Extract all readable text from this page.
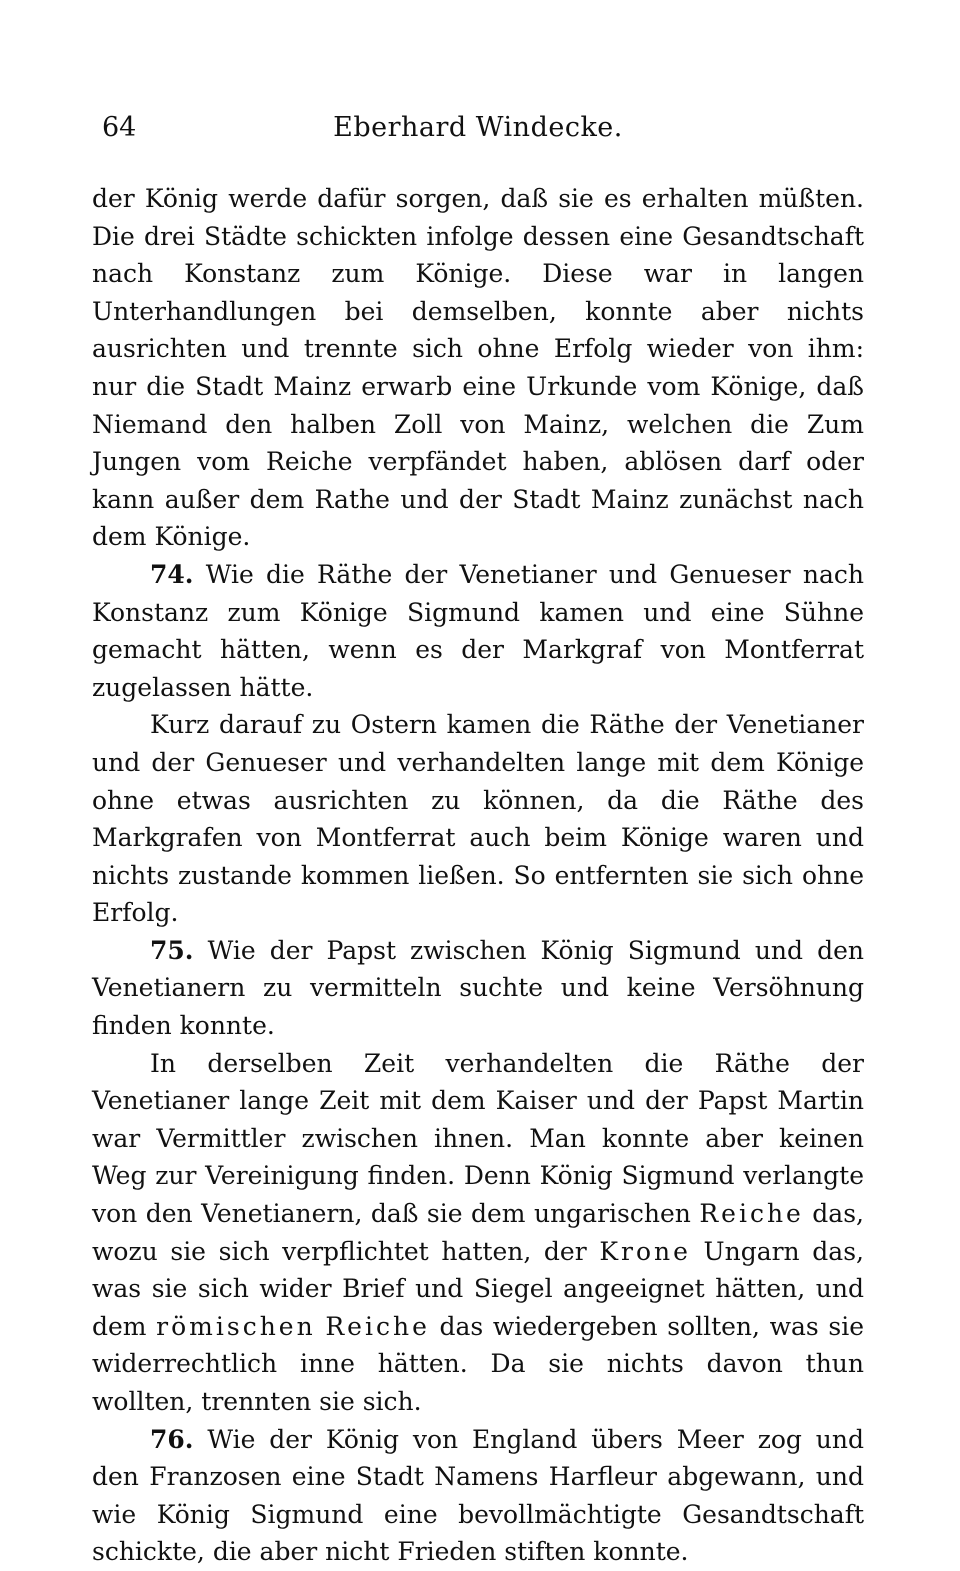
64	Eberhard Windecke.

der König werde dafür sorgen, daß sie es erhalten müßten. Die drei Städte schickten infolge dessen eine Gesandtschaft nach Konstanz zum Könige. Diese war in langen Unterhandlungen bei demselben, konnte aber nichts ausrichten und trennte sich ohne Erfolg wieder von ihm: nur die Stadt Mainz erwarb eine Urkunde vom Könige, daß Niemand den halben Zoll von Mainz, welchen die Zum Jungen vom Reiche verpfändet haben, ablösen darf oder kann außer dem Rathe und der Stadt Mainz zunächst nach dem Könige.

74. Wie die Räthe der Venetianer und Genueser nach Konstanz zum Könige Sigmund kamen und eine Sühne gemacht hätten, wenn es der Markgraf von Montferrat zugelassen hätte.

Kurz darauf zu Ostern kamen die Räthe der Venetianer und der Genueser und verhandelten lange mit dem Könige ohne etwas ausrichten zu können, da die Räthe des Markgrafen von Montferrat auch beim Könige waren und nichts zustande kommen ließen. So entfernten sie sich ohne Erfolg.

75. Wie der Papst zwischen König Sigmund und den Venetianern zu vermitteln suchte und keine Versöhnung finden konnte.

In derselben Zeit verhandelten die Räthe der Venetianer lange Zeit mit dem Kaiser und der Papst Martin war Vermittler zwischen ihnen. Man konnte aber keinen Weg zur Vereinigung finden. Denn König Sigmund verlangte von den Venetianern, daß sie dem ungarischen Reiche das, wozu sie sich verpflichtet hatten, der Krone Ungarn das, was sie sich wider Brief und Siegel angeeignet hätten, und dem römischen Reiche das wiedergeben sollten, was sie widerrechtlich inne hätten. Da sie nichts davon thun wollten, trennten sie sich.

76. Wie der König von England übers Meer zog und den Franzosen eine Stadt Namens Harfleur abgewann, und wie König Sigmund eine bevollmächtigte Gesandtschaft schickte, die aber nicht Frieden stiften konnte.
